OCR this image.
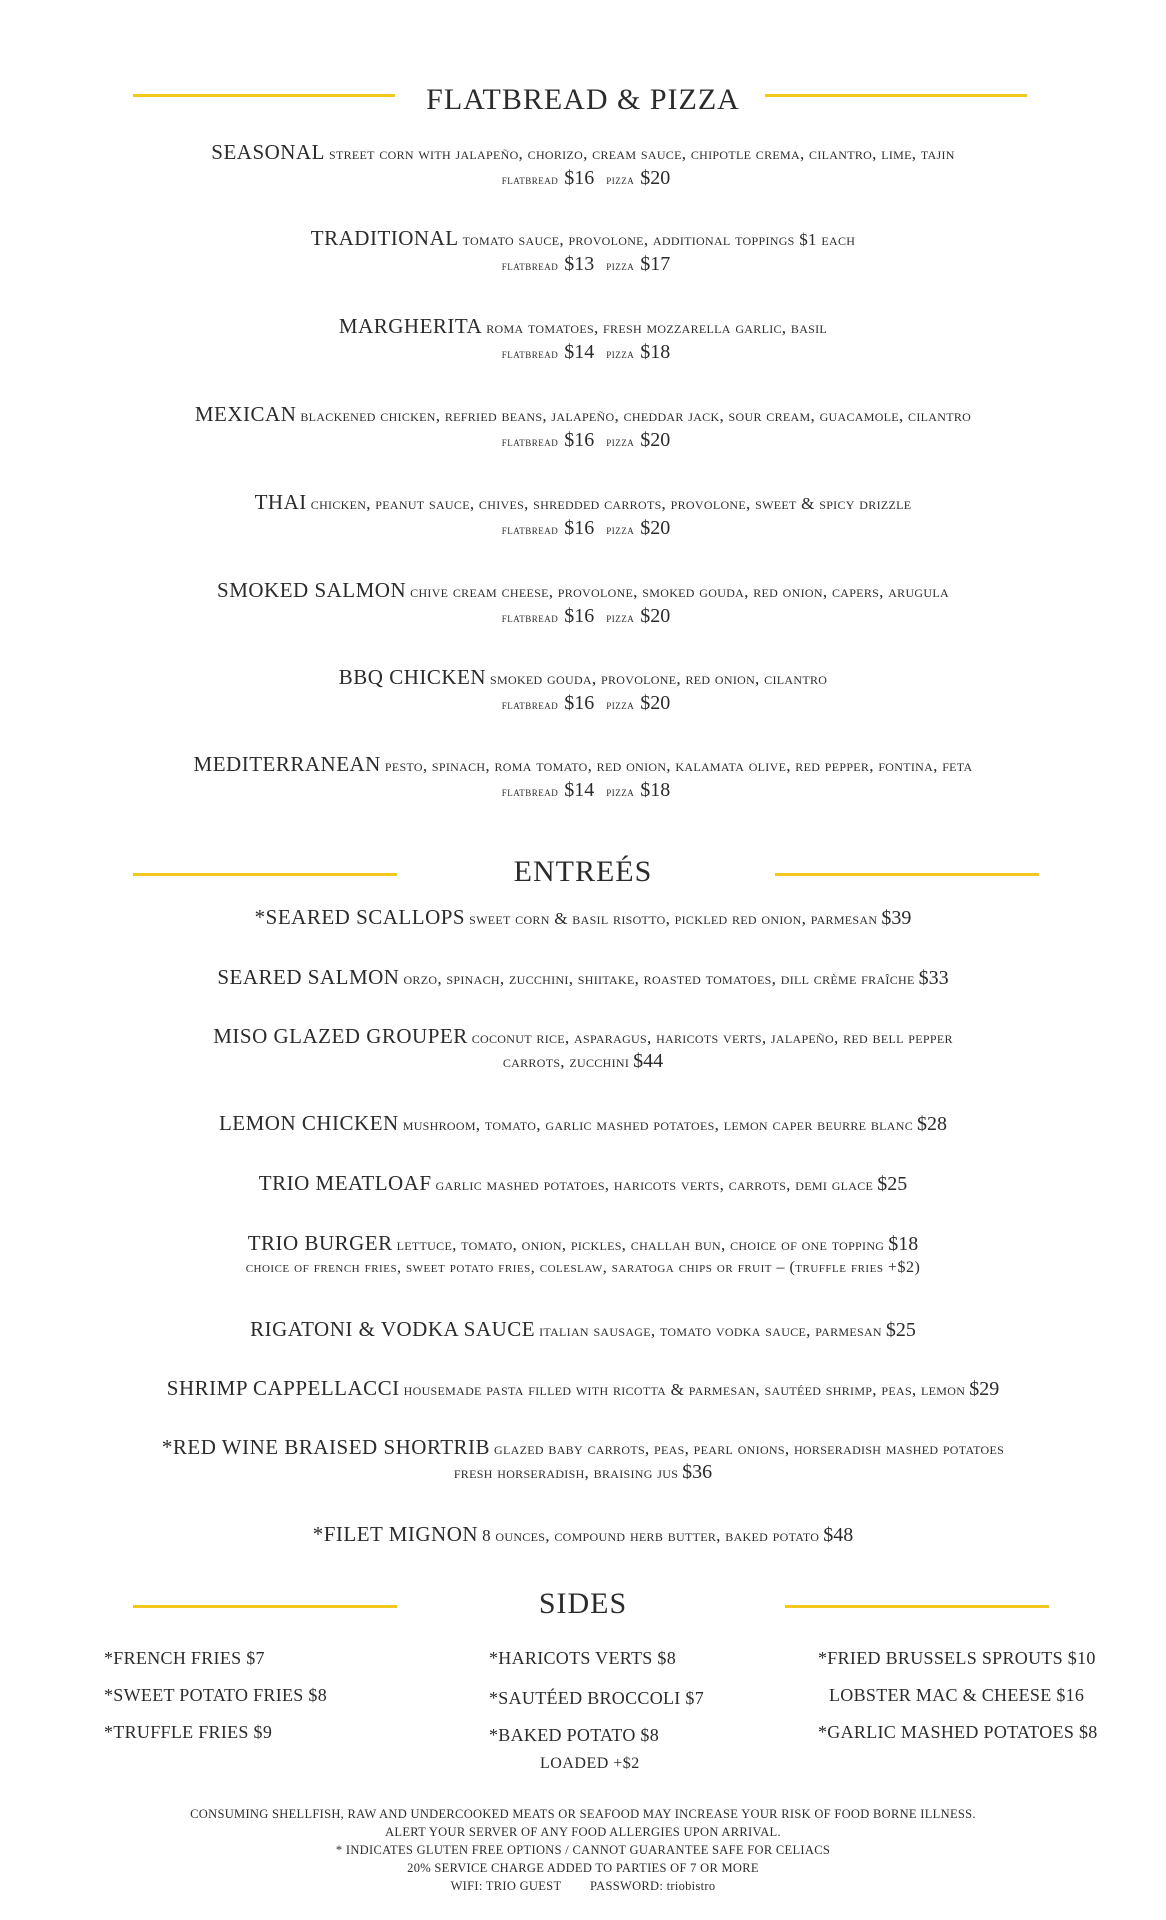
FLATBREAD & PIZZA
SEASONAL street corn with jalapeño, chorizo, cream sauce, chipotle crema, cilantro, lime, tajin
flatbread $16 pizza $20
TRADITIONAL tomato sauce, provolone, additional toppings $1 each
flatbread $13 pizza $17
MARGHERITA roma tomatoes, fresh mozzarella garlic, basil
flatbread $14 pizza $18
MEXICAN blackened chicken, refried beans, jalapeño, cheddar jack, sour cream, guacamole, cilantro
flatbread $16 pizza $20
THAI chicken, peanut sauce, chives, shredded carrots, provolone, sweet & spicy drizzle
flatbread $16 pizza $20
SMOKED SALMON chive cream cheese, provolone, smoked gouda, red onion, capers, arugula
flatbread $16 pizza $20
BBQ CHICKEN smoked gouda, provolone, red onion, cilantro
flatbread $16 pizza $20
MEDITERRANEAN pesto, spinach, roma tomato, red onion, kalamata olive, red pepper, fontina, feta
flatbread $14 pizza $18
ENTREÉS
*SEARED SCALLOPS sweet corn & basil risotto, pickled red onion, parmesan $39
SEARED SALMON orzo, spinach, zucchini, shiitake, roasted tomatoes, dill crème fraîche $33
MISO GLAZED GROUPER coconut rice, asparagus, haricots verts, jalapeño, red bell pepper
carrots, zucchini $44
LEMON CHICKEN mushroom, tomato, garlic mashed potatoes, lemon caper beurre blanc $28
TRIO MEATLOAF garlic mashed potatoes, haricots verts, carrots, demi glace $25
TRIO BURGER lettuce, tomato, onion, pickles, challah bun, choice of one topping $18
choice of french fries, sweet potato fries, coleslaw, saratoga chips or fruit – (truffle fries +$2)
RIGATONI & VODKA SAUCE italian sausage, tomato vodka sauce, parmesan $25
SHRIMP CAPPELLACCI housemade pasta filled with ricotta & parmesan, sautéed shrimp, peas, lemon $29
*RED WINE BRAISED SHORTRIB glazed baby carrots, peas, pearl onions, horseradish mashed potatoes
fresh horseradish, braising jus $36
*FILET MIGNON 8 ounces, compound herb butter, baked potato $48
SIDES
*FRENCH FRIES $7
*SWEET POTATO FRIES $8
*TRUFFLE FRIES $9
*HARICOTS VERTS $8
*SAUTÉED BROCCOLI $7
*BAKED POTATO $8
LOADED +$2
*FRIED BRUSSELS SPROUTS $10
LOBSTER MAC & CHEESE $16
*GARLIC MASHED POTATOES $8
CONSUMING SHELLFISH, RAW AND UNDERCOOKED MEATS OR SEAFOOD MAY INCREASE YOUR RISK OF FOOD BORNE ILLNESS.
ALERT YOUR SERVER OF ANY FOOD ALLERGIES UPON ARRIVAL.
* INDICATES GLUTEN FREE OPTIONS / CANNOT GUARANTEE SAFE FOR CELIACS
20% SERVICE CHARGE ADDED TO PARTIES OF 7 OR MORE
WIFI: TRIO GUEST PASSWORD: triobistro
